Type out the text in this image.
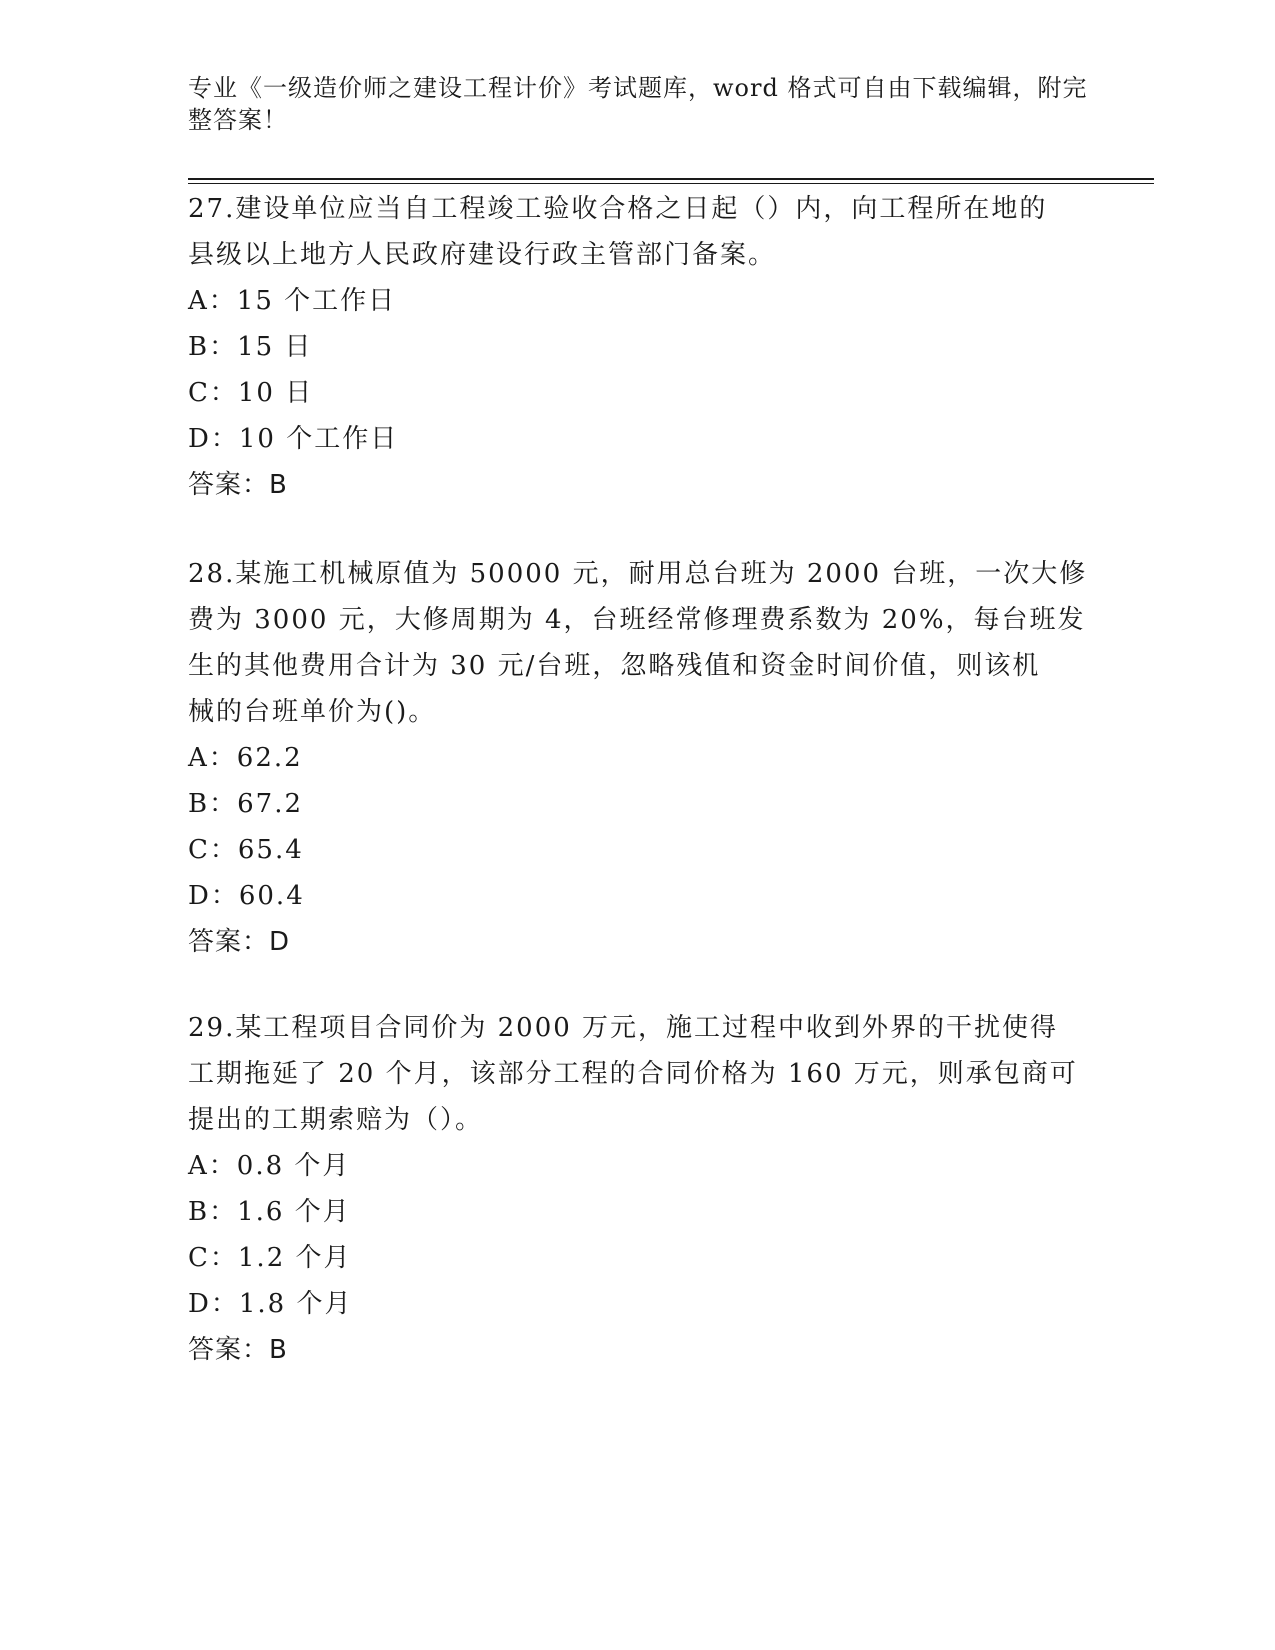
专业《一级造价师之建设工程计价》考试题库，word 格式可自由下载编辑，附完
整答案！
27.建设单位应当自工程竣工验收合格之日起（）内，向工程所在地的
县级以上地方人民政府建设行政主管部门备案。
A：15 个工作日
B：15 日
C：10 日
D：10 个工作日
答案：B
28.某施工机械原值为 50000 元，耐用总台班为 2000 台班，一次大修
费为 3000 元，大修周期为 4，台班经常修理费系数为 20%，每台班发
生的其他费用合计为 30 元/台班，忽略残值和资金时间价值，则该机
械的台班单价为()。
A：62.2
B：67.2
C：65.4
D：60.4
答案：D
29.某工程项目合同价为 2000 万元，施工过程中收到外界的干扰使得
工期拖延了 20 个月，该部分工程的合同价格为 160 万元，则承包商可
提出的工期索赔为（）。
A：0.8 个月
B：1.6 个月
C：1.2 个月
D：1.8 个月
答案：B
